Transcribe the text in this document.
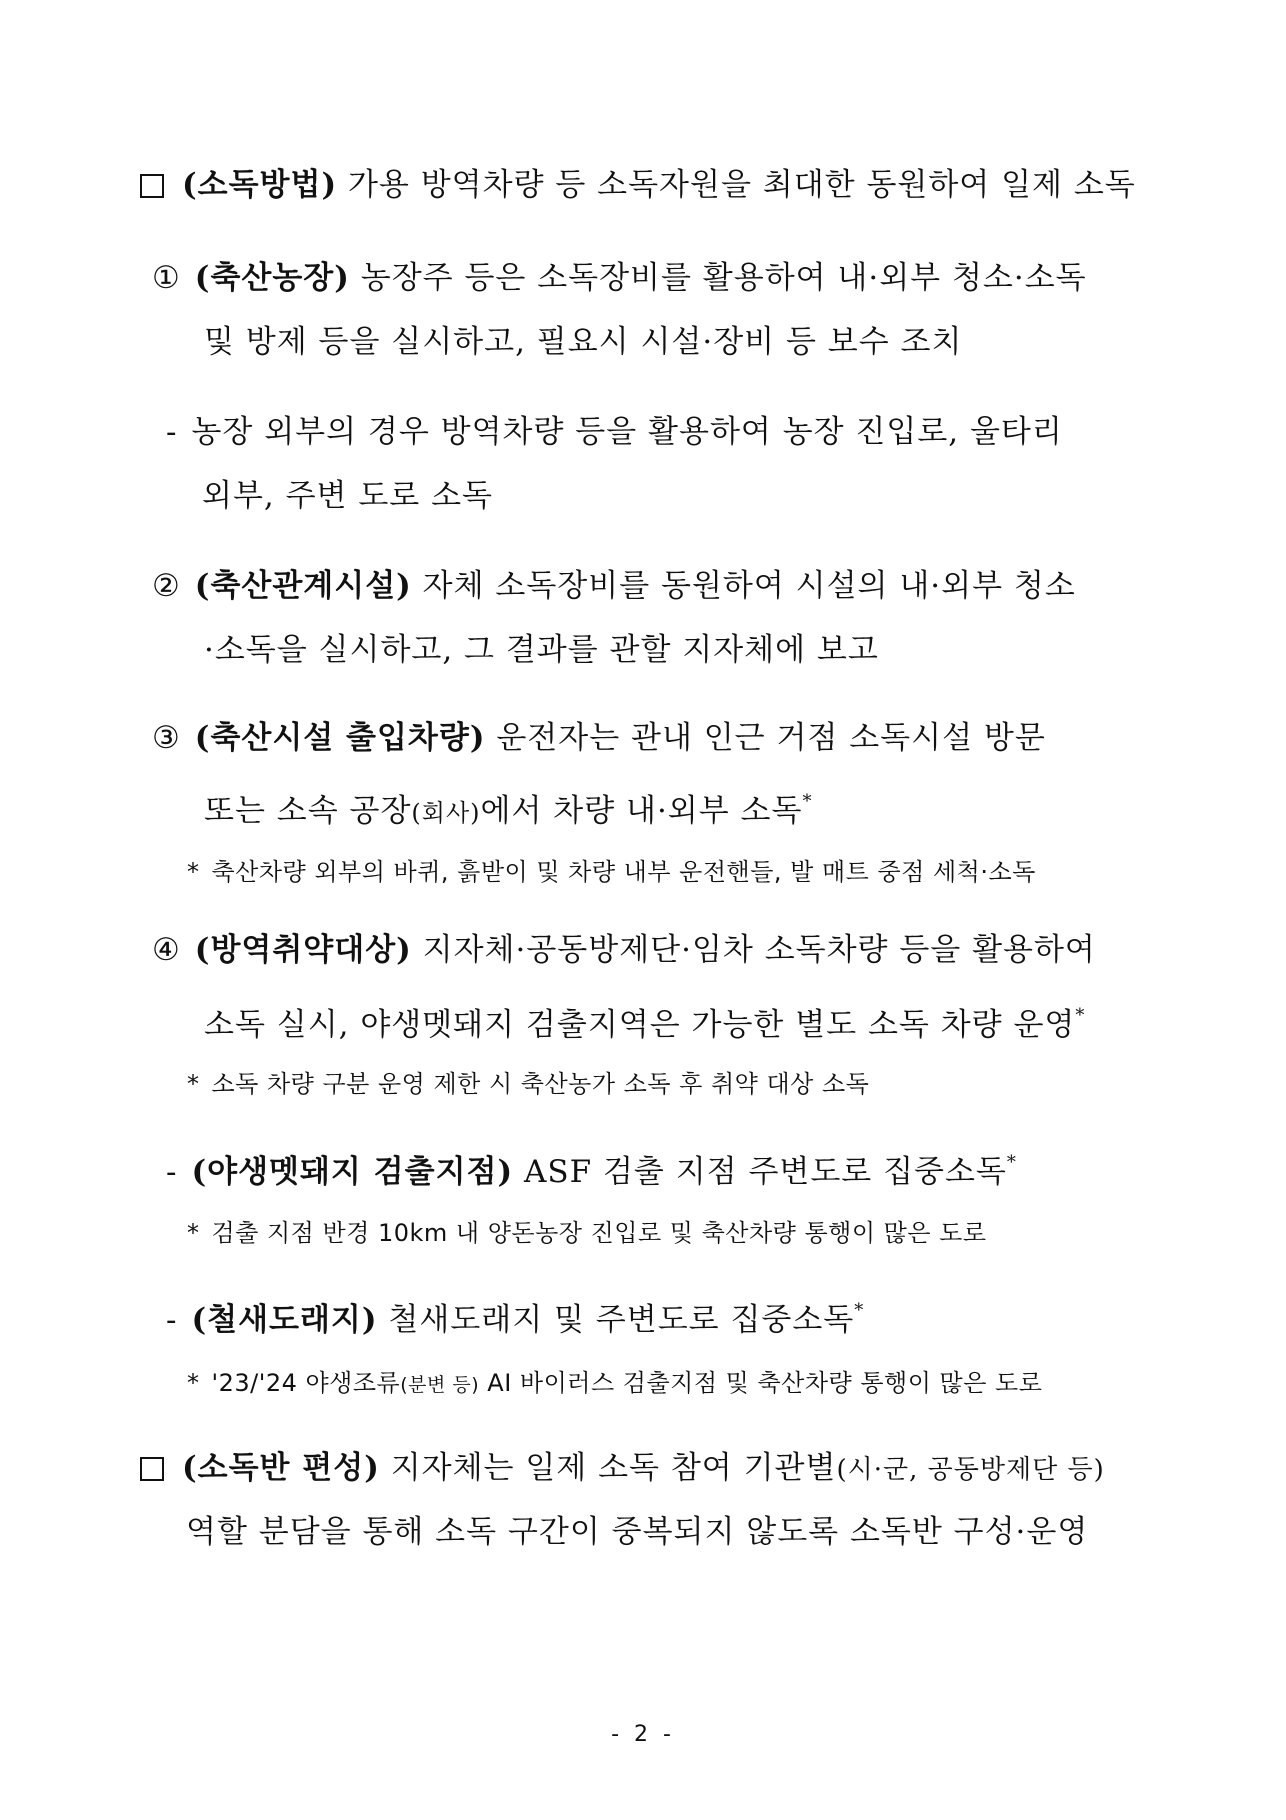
(소독방법) 가용 방역차량 등 소독자원을 최대한 동원하여 일제 소독
① (축산농장) 농장주 등은 소독장비를 활용하여 내·외부 청소·소독
및 방제 등을 실시하고, 필요시 시설·장비 등 보수 조치
- 농장 외부의 경우 방역차량 등을 활용하여 농장 진입로, 울타리
외부, 주변 도로 소독
② (축산관계시설) 자체 소독장비를 동원하여 시설의 내·외부 청소
·소독을 실시하고, 그 결과를 관할 지자체에 보고
③ (축산시설 출입차량) 운전자는 관내 인근 거점 소독시설 방문
또는 소속 공장(회사)에서 차량 내·외부 소독*
* 축산차량 외부의 바퀴, 흙받이 및 차량 내부 운전핸들, 발 매트 중점 세척·소독
④ (방역취약대상) 지자체·공동방제단·임차 소독차량 등을 활용하여
소독 실시, 야생멧돼지 검출지역은 가능한 별도 소독 차량 운영*
* 소독 차량 구분 운영 제한 시 축산농가 소독 후 취약 대상 소독
- (야생멧돼지 검출지점) ASF 검출 지점 주변도로 집중소독*
* 검출 지점 반경 10km 내 양돈농장 진입로 및 축산차량 통행이 많은 도로
- (철새도래지) 철새도래지 및 주변도로 집중소독*
* '23/'24 야생조류(분변 등) AI 바이러스 검출지점 및 축산차량 통행이 많은 도로
(소독반 편성) 지자체는 일제 소독 참여 기관별(시·군, 공동방제단 등)
역할 분담을 통해 소독 구간이 중복되지 않도록 소독반 구성·운영
- 2 -
